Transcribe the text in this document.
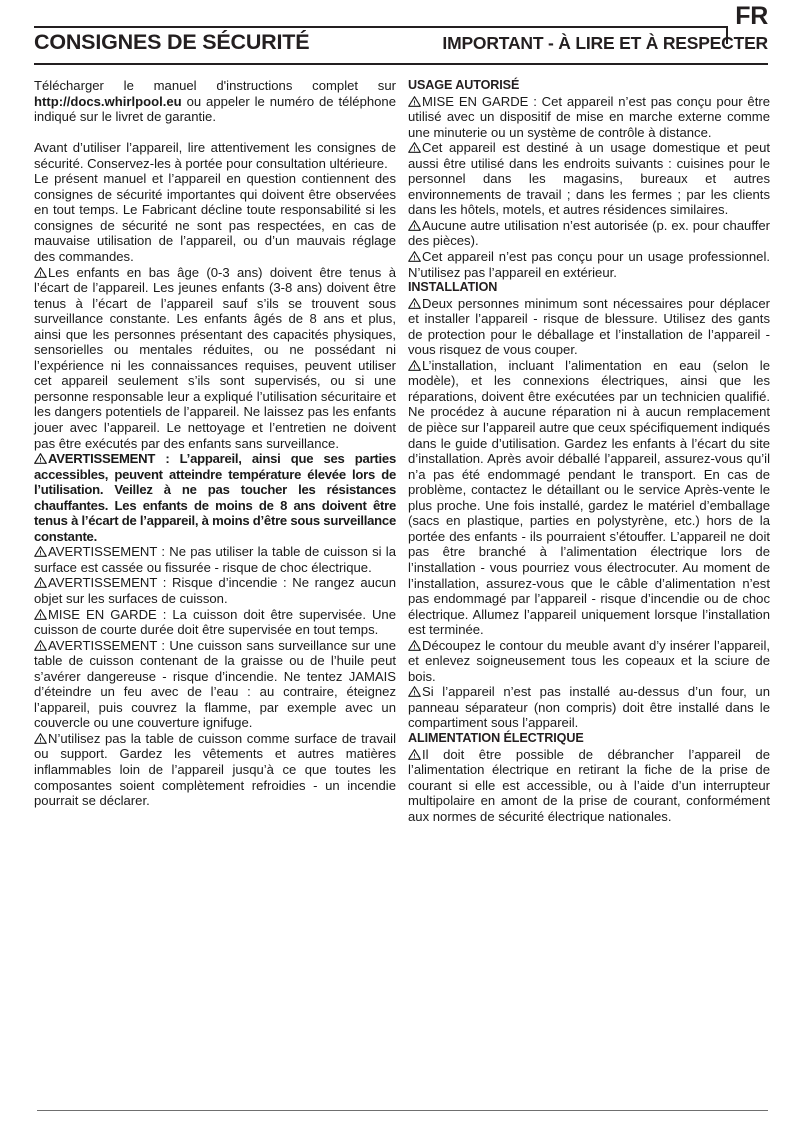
FR
CONSIGNES DE SÉCURITÉ	IMPORTANT - À LIRE ET À RESPECTER

Télécharger le manuel d'instructions complet sur http://docs.whirlpool.eu ou appeler le numéro de téléphone indiqué sur le livret de garantie.

Avant d’utiliser l’appareil, lire attentivement les consignes de sécurité. Conservez-les à portée pour consultation ultérieure.

Le présent manuel et l’appareil en question contiennent des consignes de sécurité importantes qui doivent être observées en tout temps. Le Fabricant décline toute responsabilité si les consignes de sécurité ne sont pas respectées, en cas de mauvaise utilisation de l’appareil, ou d’un mauvais réglage des commandes.

Les enfants en bas âge (0-3 ans) doivent être tenus à l’écart de l’appareil. Les jeunes enfants (3-8 ans) doivent être tenus à l’écart de l’appareil sauf s’ils se trouvent sous surveillance constante. Les enfants âgés de 8 ans et plus, ainsi que les personnes présentant des capacités physiques, sensorielles ou mentales réduites, ou ne possédant ni l’expérience ni les connaissances requises, peuvent utiliser cet appareil seulement s’ils sont supervisés, ou si une personne responsable leur a expliqué l’utilisation sécuritaire et les dangers potentiels de l’appareil. Ne laissez pas les enfants jouer avec l’appareil. Le nettoyage et l’entretien ne doivent pas être exécutés par des enfants sans surveillance.

AVERTISSEMENT : L’appareil, ainsi que ses parties accessibles, peuvent atteindre température élevée lors de l’utilisation. Veillez à ne pas toucher les résistances chauffantes. Les enfants de moins de 8 ans doivent être tenus à l’écart de l’appareil, à moins d’être sous surveillance constante.

AVERTISSEMENT : Ne pas utiliser la table de cuisson si la surface est cassée ou fissurée - risque de choc électrique.

AVERTISSEMENT : Risque d’incendie : Ne rangez aucun objet sur les surfaces de cuisson.

MISE EN GARDE : La cuisson doit être supervisée. Une cuisson de courte durée doit être supervisée en tout temps.

AVERTISSEMENT : Une cuisson sans surveillance sur une table de cuisson contenant de la graisse ou de l’huile peut s’avérer dangereuse - risque d’incendie. Ne tentez JAMAIS d’éteindre un feu avec de l’eau : au contraire, éteignez l’appareil, puis couvrez la flamme, par exemple avec un couvercle ou une couverture ignifuge.

N’utilisez pas la table de cuisson comme surface de travail ou support. Gardez les vêtements et autres matières inflammables loin de l’appareil jusqu’à ce que toutes les composantes soient complètement refroidies - un incendie pourrait se déclarer.

USAGE AUTORISÉ

MISE EN GARDE : Cet appareil n’est pas conçu pour être utilisé avec un dispositif de mise en marche externe comme une minuterie ou un système de contrôle à distance.

Cet appareil est destiné à un usage domestique et peut aussi être utilisé dans les endroits suivants : cuisines pour le personnel dans les magasins, bureaux et autres environnements de travail ; dans les fermes ; par les clients dans les hôtels, motels, et autres résidences similaires.

Aucune autre utilisation n’est autorisée (p. ex. pour chauffer des pièces).

Cet appareil n’est pas conçu pour un usage professionnel. N’utilisez pas l’appareil en extérieur.

INSTALLATION

Deux personnes minimum sont nécessaires pour déplacer et installer l’appareil - risque de blessure. Utilisez des gants de protection pour le déballage et l’installation de l’appareil - vous risquez de vous couper.

L’installation, incluant l’alimentation en eau (selon le modèle), et les connexions électriques, ainsi que les réparations, doivent être exécutées par un technicien qualifié. Ne procédez à aucune réparation ni à aucun remplacement de pièce sur l’appareil autre que ceux spécifiquement indiqués dans le guide d’utilisation. Gardez les enfants à l’écart du site d’installation. Après avoir déballé l’appareil, assurez-vous qu’il n’a pas été endommagé pendant le transport. En cas de problème, contactez le détaillant ou le service Après-vente le plus proche. Une fois installé, gardez le matériel d’emballage (sacs en plastique, parties en polystyrène, etc.) hors de la portée des enfants - ils pourraient s’étouffer. L’appareil ne doit pas être branché à l’alimentation électrique lors de l’installation - vous pourriez vous électrocuter. Au moment de l’installation, assurez-vous que le câble d’alimentation n’est pas endommagé par l’appareil - risque d’incendie ou de choc électrique. Allumez l’appareil uniquement lorsque l’installation est terminée.

Découpez le contour du meuble avant d’y insérer l’appareil, et enlevez soigneusement tous les copeaux et la sciure de bois.

Si l’appareil n’est pas installé au-dessus d’un four, un panneau séparateur (non compris) doit être installé dans le compartiment sous l’appareil.

ALIMENTATION ÉLECTRIQUE

Il doit être possible de débrancher l’appareil de l’alimentation électrique en retirant la fiche de la prise de courant si elle est accessible, ou à l’aide d’un interrupteur multipolaire en amont de la prise de courant, conformément aux normes de sécurité électrique nationales.
